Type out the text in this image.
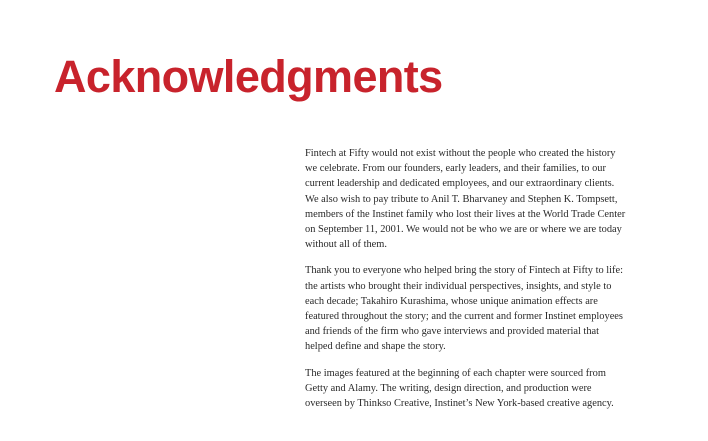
Acknowledgments

Fintech at Fifty would not exist without the people who created the history we celebrate. From our founders, early leaders, and their families, to our current leadership and dedicated employees, and our extraordinary clients. We also wish to pay tribute to Anil T. Bharvaney and Stephen K. Tompsett, members of the Instinet family who lost their lives at the World Trade Center on September 11, 2001. We would not be who we are or where we are today without all of them.

Thank you to everyone who helped bring the story of Fintech at Fifty to life: the artists who brought their individual perspectives, insights, and style to each decade; Takahiro Kurashima, whose unique animation effects are featured throughout the story; and the current and former Instinet employees and friends of the firm who gave interviews and provided material that helped define and shape the story.

The images featured at the beginning of each chapter were sourced from Getty and Alamy. The writing, design direction, and production were overseen by Thinkso Creative, Instinet’s New York-based creative agency.
